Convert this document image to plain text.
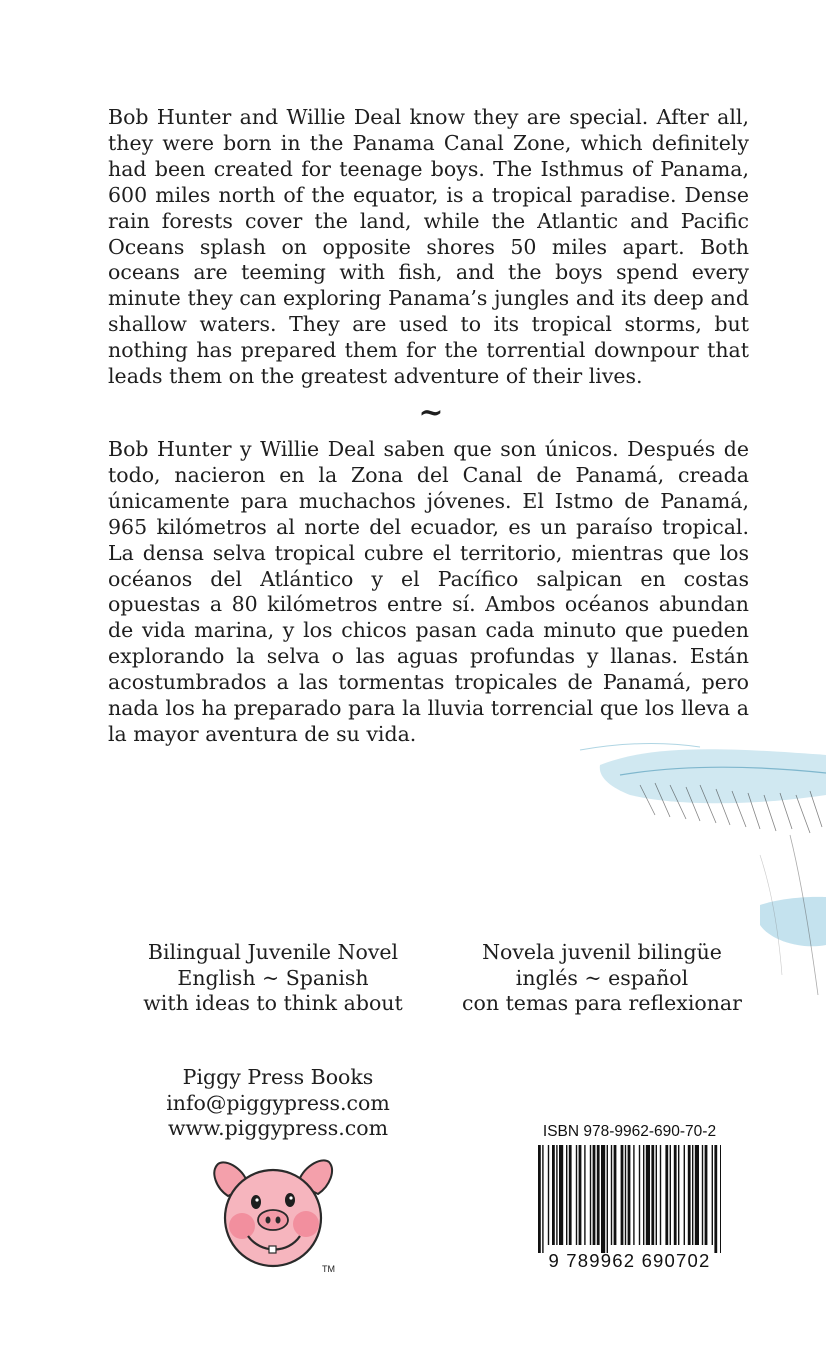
Bob Hunter and Willie Deal know they are special. After all, they were born in the Panama Canal Zone, which definitely had been created for teenage boys. The Isthmus of Panama, 600 miles north of the equator, is a tropical paradise. Dense rain forests cover the land, while the Atlantic and Pacific Oceans splash on opposite shores 50 miles apart. Both oceans are teeming with fish, and the boys spend every minute they can exploring Panama’s jungles and its deep and shallow waters. They are used to its tropical storms, but nothing has prepared them for the torrential downpour that leads them on the greatest adventure of their lives.

~

Bob Hunter y Willie Deal saben que son únicos. Después de todo, nacieron en la Zona del Canal de Panamá, creada únicamente para muchachos jóvenes. El Istmo de Panamá, 965 kilómetros al norte del ecuador, es un paraíso tropical. La densa selva tropical cubre el territorio, mientras que los océanos del Atlántico y el Pacífico salpican en costas opuestas a 80 kilómetros entre sí. Ambos océanos abundan de vida marina, y los chicos pasan cada minuto que pueden explorando la selva o las aguas profundas y llanas. Están acostumbrados a las tormentas tropicales de Panamá, pero nada los ha preparado para la lluvia torrencial que los lleva a la mayor aventura de su vida.

Bilingual Juvenile Novel
English ~ Spanish
with ideas to think about
Novela juvenil bilingüe
inglés ~ español
con temas para reflexionar
Piggy Press Books
info@piggypress.com
www.piggypress.com
TM
ISBN 978-9962-690-70-2
9 789962 690702
